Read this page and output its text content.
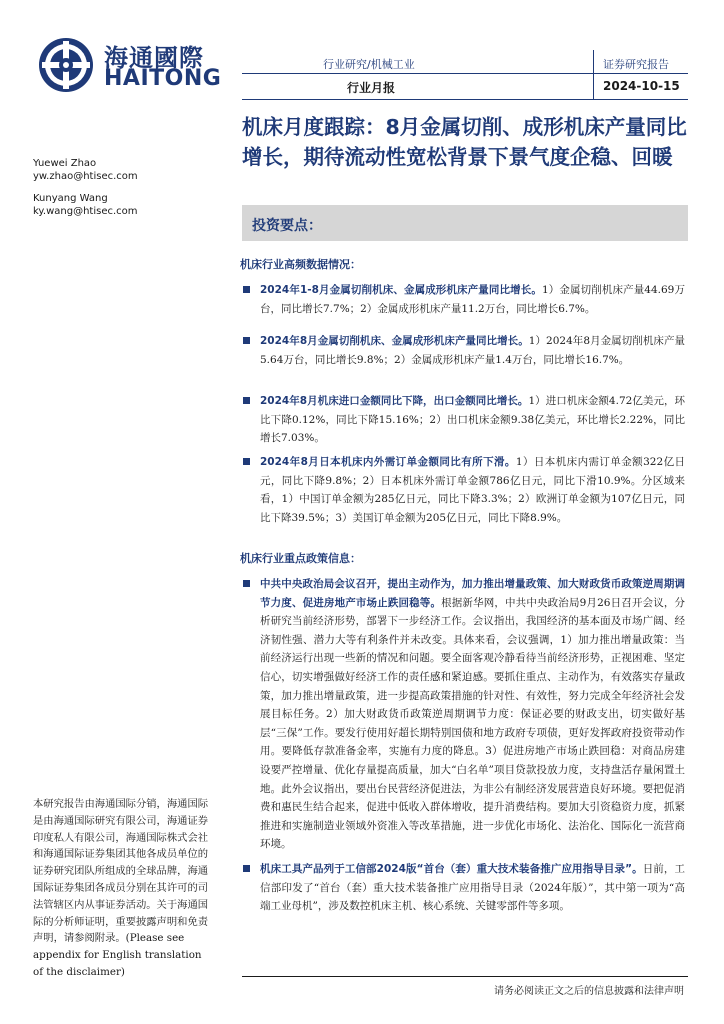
海通國際
HAITONG
行业研究/机械工业	证券研究报告
行业月报	2024-10-15
机床月度跟踪：8月金属切削、成形机床产量同比增长，期待流动性宽松背景下景气度企稳、回暖
Yuewei Zhao
yw.zhao@htisec.com
Kunyang Wang
ky.wang@htisec.com
投资要点：
机床行业高频数据情况：
2024年1-8月金属切削机床、金属成形机床产量同比增长。1）金属切削机床产量44.69万台，同比增长7.7%；2）金属成形机床产量11.2万台，同比增长6.7%。
2024年8月金属切削机床、金属成形机床产量同比增长。1）2024年8月金属切削机床产量5.64万台，同比增长9.8%；2）金属成形机床产量1.4万台，同比增长16.7%。
2024年8月机床进口金额同比下降，出口金额同比增长。1）进口机床金额4.72亿美元，环比下降0.12%，同比下降15.16%；2）出口机床金额9.38亿美元，环比增长2.22%，同比增长7.03%。
2024年8月日本机床内外需订单金额同比有所下滑。1）日本机床内需订单金额322亿日元，同比下降9.8%；2）日本机床外需订单金额786亿日元，同比下滑10.9%。分区域来看，1）中国订单金额为285亿日元，同比下降3.3%；2）欧洲订单金额为107亿日元，同比下降39.5%；3）美国订单金额为205亿日元，同比下降8.9%。
机床行业重点政策信息：
中共中央政治局会议召开，提出主动作为，加力推出增量政策、加大财政货币政策逆周期调节力度、促进房地产市场止跌回稳等。根据新华网，中共中央政治局9月26日召开会议，分析研究当前经济形势，部署下一步经济工作。会议指出，我国经济的基本面及市场广阔、经济韧性强、潜力大等有利条件并未改变。具体来看，会议强调，1）加力推出增量政策：当前经济运行出现一些新的情况和问题。要全面客观冷静看待当前经济形势，正视困难、坚定信心，切实增强做好经济工作的责任感和紧迫感。要抓住重点、主动作为，有效落实存量政策，加力推出增量政策，进一步提高政策措施的针对性、有效性，努力完成全年经济社会发展目标任务。2）加大财政货币政策逆周期调节力度：保证必要的财政支出，切实做好基层“三保”工作。要发行使用好超长期特别国债和地方政府专项债，更好发挥政府投资带动作用。要降低存款准备金率，实施有力度的降息。3）促进房地产市场止跌回稳：对商品房建设要严控增量、优化存量提高质量，加大“白名单”项目贷款投放力度，支持盘活存量闲置土地。此外会议指出，要出台民营经济促进法，为非公有制经济发展营造良好环境。要把促消费和惠民生结合起来，促进中低收入群体增收，提升消费结构。要加大引资稳资力度，抓紧推进和实施制造业领域外资准入等改革措施，进一步优化市场化、法治化、国际化一流营商环境。
机床工具产品列于工信部2024版“首台（套）重大技术装备推广应用指导目录”。日前，工信部印发了“首台（套）重大技术装备推广应用指导目录（2024年版）”，其中第一项为“高端工业母机”，涉及数控机床主机、核心系统、关键零部件等多项。
本研究报告由海通国际分销，海通国际是由海通国际研究有限公司，海通证券印度私人有限公司，海通国际株式会社和海通国际证券集团其他各成员单位的证券研究团队所组成的全球品牌，海通国际证券集团各成员分别在其许可的司法管辖区内从事证券活动。关于海通国际的分析师证明，重要披露声明和免责声明，请参阅附录。(Please see appendix for English translation of the disclaimer)
请务必阅读正文之后的信息披露和法律声明
